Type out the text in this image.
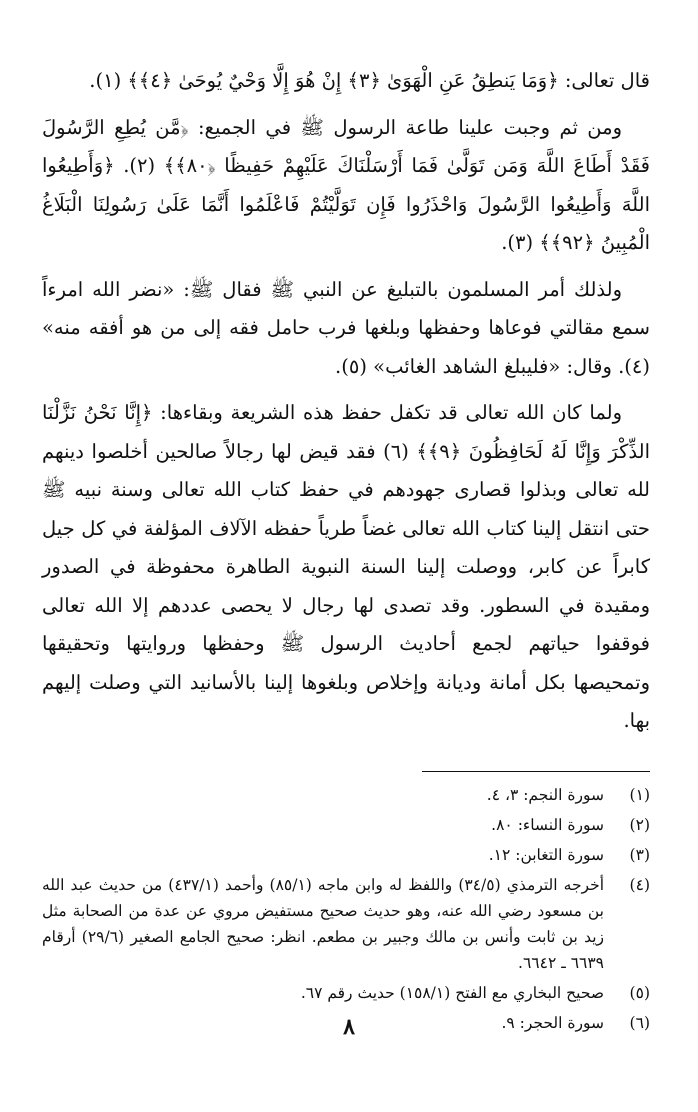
قال تعالى: ﴿وَمَا يَنطِقُ عَنِ الْهَوَىٰ ﴿٣﴾ إِنْ هُوَ إِلَّا وَحْيٌ يُوحَىٰ ﴿٤﴾﴾ (١).

ومن ثم وجبت علينا طاعة الرسول ﷺ في الجميع: ﴿مَّن يُطِعِ الرَّسُولَ فَقَدْ أَطَاعَ اللَّهَ وَمَن تَوَلَّىٰ فَمَا أَرْسَلْنَاكَ عَلَيْهِمْ حَفِيظًا ﴿٨٠﴾﴾ (٢). ﴿وَأَطِيعُوا اللَّهَ وَأَطِيعُوا الرَّسُولَ وَاحْذَرُوا فَإِن تَوَلَّيْتُمْ فَاعْلَمُوا أَنَّمَا عَلَىٰ رَسُولِنَا الْبَلَاغُ الْمُبِينُ ﴿٩٢﴾﴾ (٣).

ولذلك أمر المسلمون بالتبليغ عن النبي ﷺ فقال ﷺ: «نضر الله امرءاً سمع مقالتي فوعاها وحفظها وبلغها فرب حامل فقه إلى من هو أفقه منه» (٤). وقال: «فليبلغ الشاهد الغائب» (٥).

ولما كان الله تعالى قد تكفل حفظ هذه الشريعة وبقاءها: ﴿إِنَّا نَحْنُ نَزَّلْنَا الذِّكْرَ وَإِنَّا لَهُ لَحَافِظُونَ ﴿٩﴾﴾ (٦) فقد قيض لها رجالاً صالحين أخلصوا دينهم لله تعالى وبذلوا قصارى جهودهم في حفظ كتاب الله تعالى وسنة نبيه ﷺ حتى انتقل إلينا كتاب الله تعالى غضاً طرياً حفظه الآلاف المؤلفة في كل جيل كابراً عن كابر، ووصلت إلينا السنة النبوية الطاهرة محفوظة في الصدور ومقيدة في السطور. وقد تصدى لها رجال لا يحصى عددهم إلا الله تعالى فوقفوا حياتهم لجمع أحاديث الرسول ﷺ وحفظها وروايتها وتحقيقها وتمحيصها بكل أمانة وديانة وإخلاص وبلغوها إلينا بالأسانيد التي وصلت إليهم بها.

(١)
سورة النجم: ٣، ٤.
(٢)
سورة النساء: ٨٠.
(٣)
سورة التغابن: ١٢.
(٤)
أخرجه الترمذي (٣٤/٥) واللفظ له وابن ماجه (٨٥/١) وأحمد (٤٣٧/١) من حديث عبد الله بن مسعود رضي الله عنه، وهو حديث صحيح مستفيض مروي عن عدة من الصحابة مثل زيد بن ثابت وأنس بن مالك وجبير بن مطعم. انظر: صحيح الجامع الصغير (٢٩/٦) أرقام ٦٦٣٩ ـ ٦٦٤٢.
(٥)
صحيح البخاري مع الفتح (١٥٨/١) حديث رقم ٦٧.
(٦)
سورة الحجر: ٩.
٨
